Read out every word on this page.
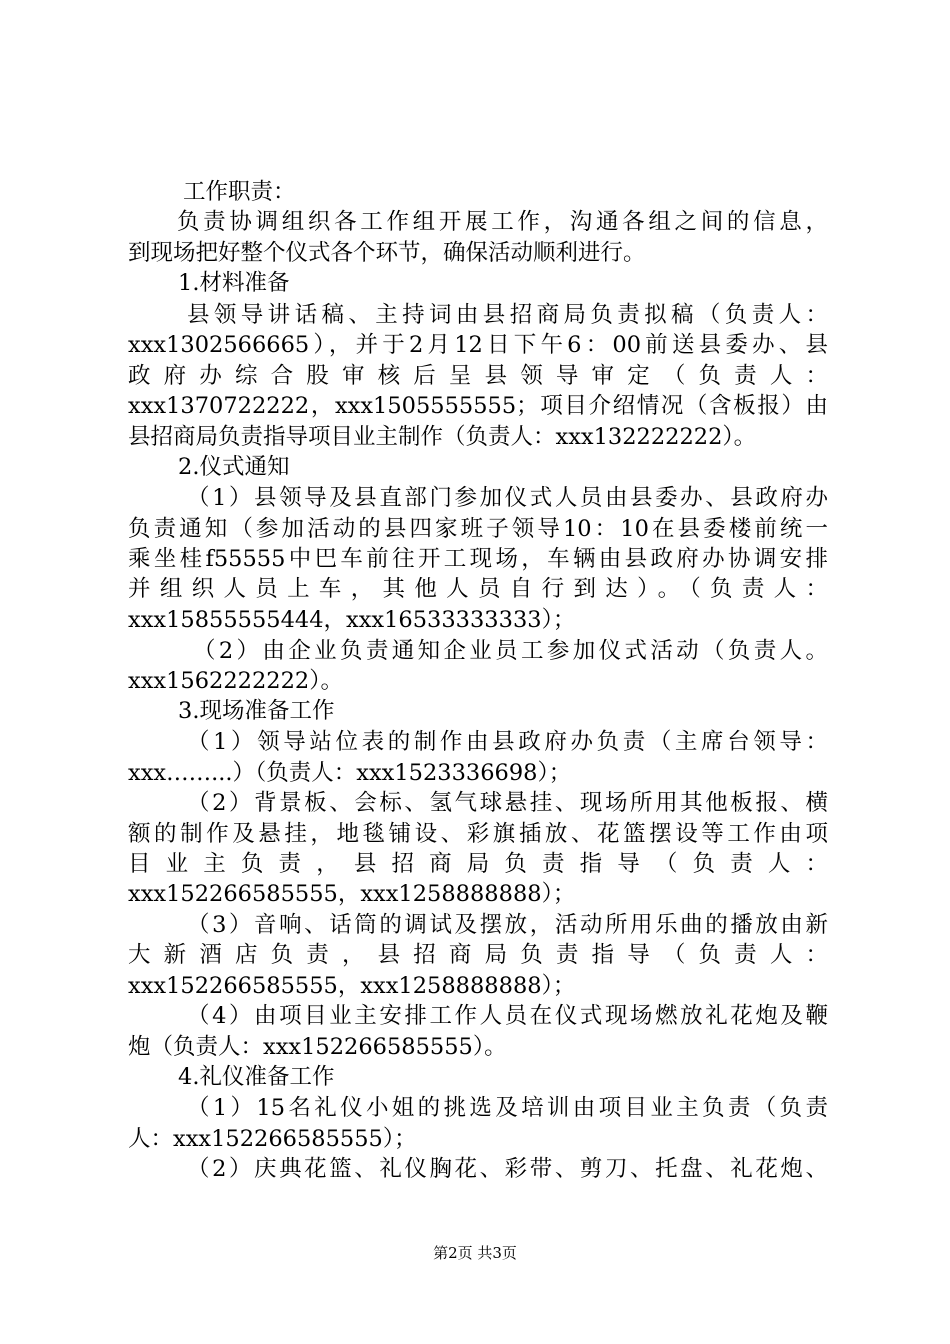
工作职责：
负责协调组织各工作组开展工作，沟通各组之间的信息，
到现场把好整个仪式各个环节，确保活动顺利进行。
1.材料准备
县领导讲话稿、主持词由县招商局负责拟稿（负责人：
xxx1302566665），并于2月12日下午6：00前送县委办、县
政府办综合股审核后呈县领导审定（负责人：
xxx1370722222，xxx1505555555；项目介绍情况（含板报）由
县招商局负责指导项目业主制作（负责人：xxx132222222）。
2.仪式通知
（1）县领导及县直部门参加仪式人员由县委办、县政府办
负责通知（参加活动的县四家班子领导10：10在县委楼前统一
乘坐桂f55555中巴车前往开工现场，车辆由县政府办协调安排
并组织人员上车，其他人员自行到达）。（负责人：
xxx15855555444，xxx16533333333）；
（2）由企业负责通知企业员工参加仪式活动（负责人。
xxx1562222222）。
3.现场准备工作
（1）领导站位表的制作由县政府办负责（主席台领导：
xxx……...）（负责人：xxx1523336698）；
（2）背景板、会标、氢气球悬挂、现场所用其他板报、横
额的制作及悬挂，地毯铺设、彩旗插放、花篮摆设等工作由项
目业主负责，县招商局负责指导（负责人：
xxx152266585555，xxx1258888888）；
（3）音响、话筒的调试及摆放，活动所用乐曲的播放由新
大新酒店负责，县招商局负责指导（负责人：
xxx152266585555，xxx1258888888）；
（4）由项目业主安排工作人员在仪式现场燃放礼花炮及鞭
炮（负责人：xxx152266585555）。
4.礼仪准备工作
（1）15名礼仪小姐的挑选及培训由项目业主负责（负责
人：xxx152266585555）；
（2）庆典花篮、礼仪胸花、彩带、剪刀、托盘、礼花炮、
第2页 共3页
